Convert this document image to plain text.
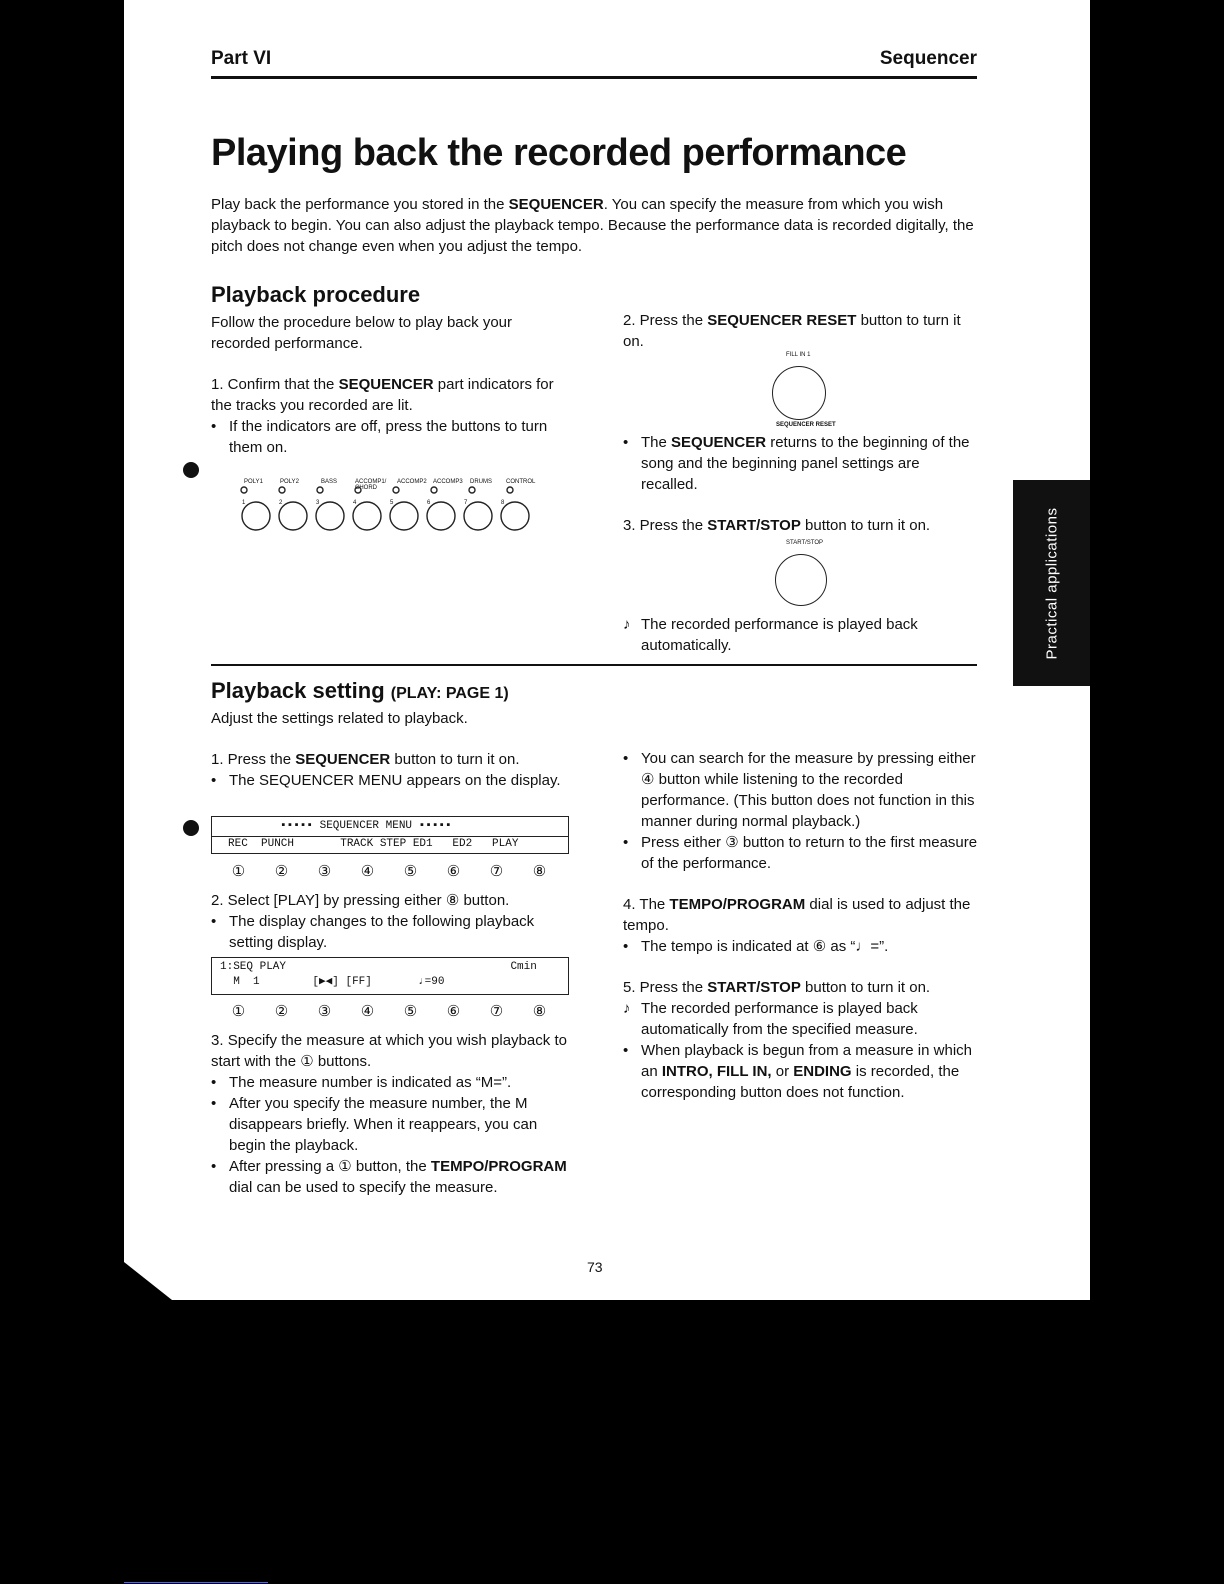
Practical applications
Part VI	Sequencer
Playing back the recorded performance
Play back the performance you stored in the SEQUENCER. You can specify the measure from which you wish playback to begin. You can also adjust the playback tempo. Because the performance data is recorded digitally, the pitch does not change even when you adjust the tempo.
Playback procedure

Follow the procedure below to play back your recorded performance.

1. Confirm that the SEQUENCER part indicators for the tracks you recorded are lit.

• If the indicators are off, press the buttons to turn them on.

POLY1	POLY2	BASS	ACCOMP1/ CHORD
ACCOMP2 ACCOMP3 DRUMS CONTROL
1	2	3	4	5	6	7	8

2. Press the SEQUENCER RESET button to turn it on.

FILL IN 1
SEQUENCER RESET

• The SEQUENCER returns to the beginning of the song and the beginning panel settings are recalled.

3. Press the START/STOP button to turn it on.

START/STOP

♪ The recorded performance is played back automatically.

Playback setting (PLAY: PAGE 1)
Adjust the settings related to playback.

1. Press the SEQUENCER button to turn it on.

• The SEQUENCER MENU appears on the display.

▪▪▪▪▪ SEQUENCER MENU ▪▪▪▪▪
REC  PUNCH       TRACK STEP ED1   ED2   PLAY
①	②	③	④	⑤	⑥	⑦	⑧

2. Select [PLAY] by pressing either ⑧ button.

• The display changes to the following playback setting display.

1:SEQ PLAY                                  Cmin
M  1        [▶◀] [FF]       ♩=90
①	②	③	④	⑤	⑥	⑦	⑧

3. Specify the measure at which you wish playback to start with the ① buttons.

• The measure number is indicated as “M=”.

• After you specify the measure number, the M disappears briefly. When it reappears, you can begin the playback.

• After pressing a ① button, the TEMPO/PROGRAM dial can be used to specify the measure.

• You can search for the measure by pressing either ④ button while listening to the recorded performance. (This button does not function in this manner during normal playback.)

• Press either ③ button to return to the first measure of the performance.

4. The TEMPO/PROGRAM dial is used to adjust the tempo.

• The tempo is indicated at ⑥ as “♩=”.

5. Press the START/STOP button to turn it on.

♪ The recorded performance is played back automatically from the specified measure.

• When playback is begun from a measure in which an INTRO, FILL IN, or ENDING is recorded, the corresponding button does not function.

73
